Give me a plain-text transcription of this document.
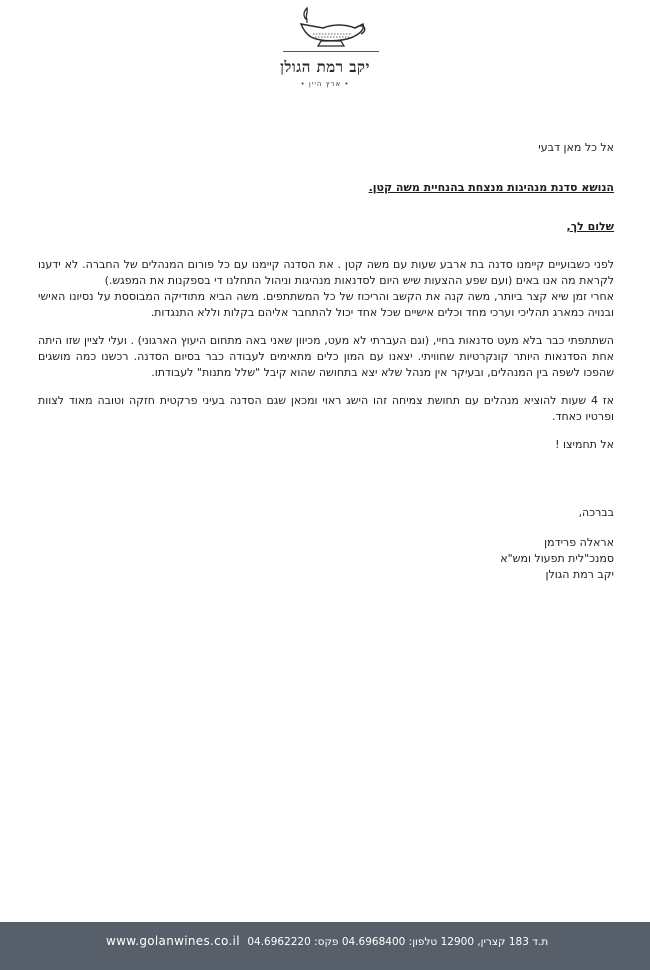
יקב רמת הגולן
• ארץ היין •

אל כל מאן דבעי

הנושא סדנת מנהיגות מנצחת בהנחיית משה קטן.

שלום לך,

לפני כשבועיים קיימנו סדנה בת ארבע שעות עם משה קטן . את הסדנה קיימנו עם כל פורום המנהלים של החברה. לא ידענו לקראת מה אנו באים (ועם שפע ההצעות שיש היום לסדנאות מנהיגות וניהול התחלנו די בספקנות את המפגש.)

אחרי זמן שיא קצר ביותר, משה קנה את הקשב והריכוז של כל המשתתפים. משה הביא מתודיקה המבוססת על נסיונו האישי ובנויה כמארג תהליכי וערכי מחד וכלים אישיים שכל אחד יכול להתחבר אליהם בקלות וללא התנגדות.

השתתפתי כבר בלא מעט סדנאות בחיי, (וגם העברתי לא מעט, מכיוון שאני באה מתחום היעוץ הארגוני) . ועלי לציין שזו היתה אחת הסדנאות היותר קונקרטיות שחוויתי. יצאנו עם המון כלים מתאימים לעבודה כבר בסיום הסדנה. רכשנו כמה מושגים שהפכו לשפה בין המנהלים, ובעיקר אין מנהל שלא יצא בתחושה שהוא קיבל "שלל מתנות" לעבודתו.

אז 4 שעות להוציא מנהלים עם תחושת צמיחה זהו הישג ראוי ומכאן שגם הסדנה בעיני פרקטית חזקה וטובה מאוד לצוות ופרטיו כאחד.

אל תחמיצו !

בברכה,

אראלה פרידמן

סמנכ"לית תפעול ומש"א

יקב רמת הגולן

www.golanwines.co.il ת.ד 183 קצרין, 12900 טלפון: 04.6968400 פקס: 04.6962220
